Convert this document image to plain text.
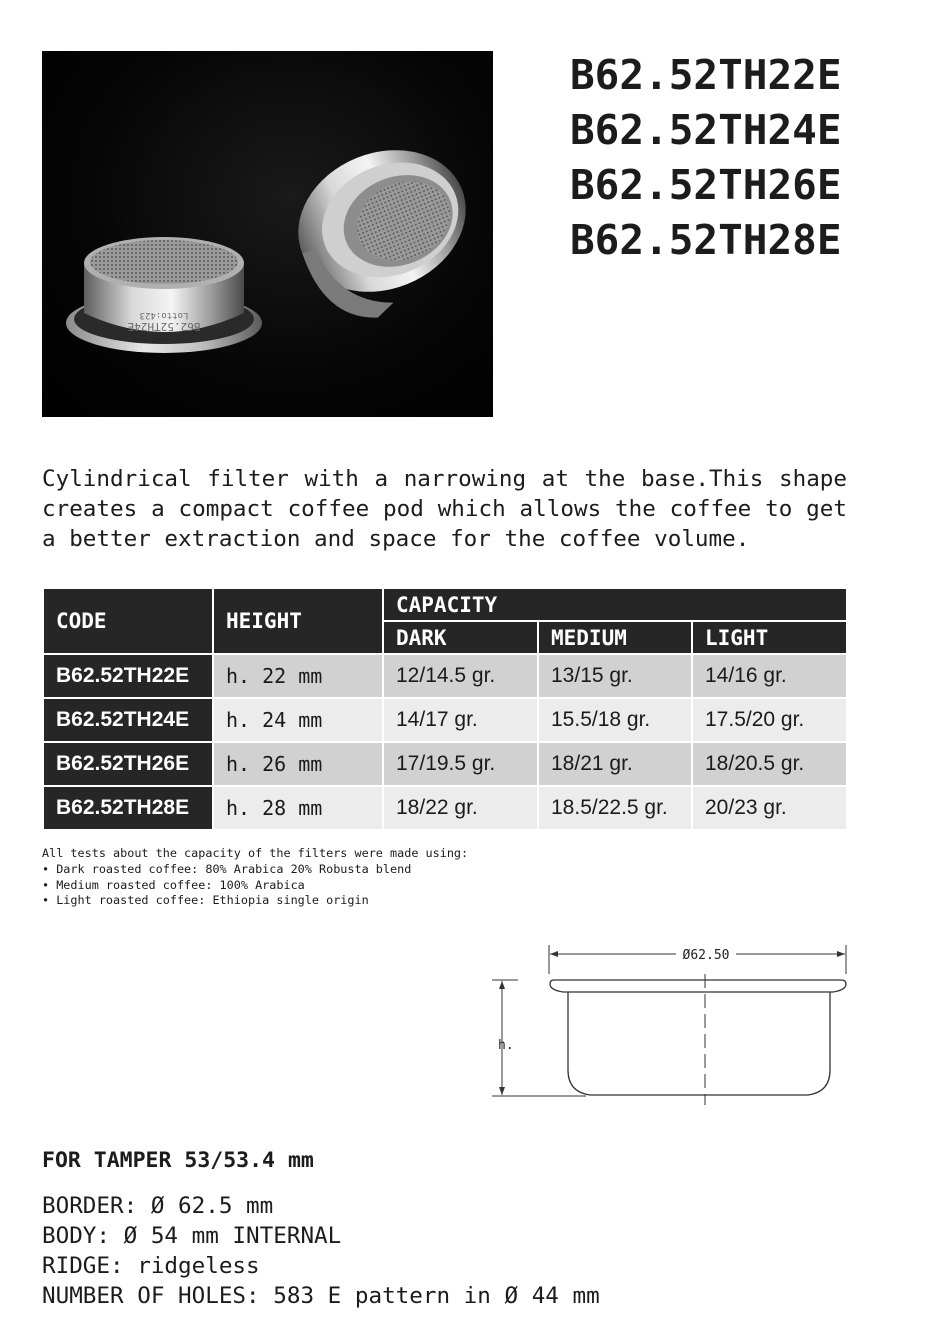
Lotto:423
B62.52TH24E
B62.52TH22E
B62.52TH24E
B62.52TH26E
B62.52TH28E
Cylindrical filter with a narrowing at the base.This shape creates a compact coffee pod which allows the coffee to get a better extraction and space for the coffee volume.
CODE	HEIGHT	CAPACITY		
		DARK	MEDIUM	LIGHT
B62.52TH22E	h. 22 mm	12/14.5 gr.	13/15 gr.	14/16 gr.
B62.52TH24E	h. 24 mm	14/17 gr.	15.5/18 gr.	17.5/20 gr.
B62.52TH26E	h. 26 mm	17/19.5 gr.	18/21 gr.	18/20.5 gr.
B62.52TH28E	h. 28 mm	18/22 gr.	18.5/22.5 gr.	20/23 gr.
All tests about the capacity of the filters were made using:
• Dark roasted coffee: 80% Arabica 20% Robusta blend
• Medium roasted coffee: 100% Arabica
• Light roasted coffee: Ethiopia single origin
Ø62.50
h.
FOR TAMPER 53/53.4 mm
BORDER: Ø 62.5 mm
BODY: Ø 54 mm INTERNAL
RIDGE: ridgeless
NUMBER OF HOLES: 583 E pattern in Ø 44 mm
